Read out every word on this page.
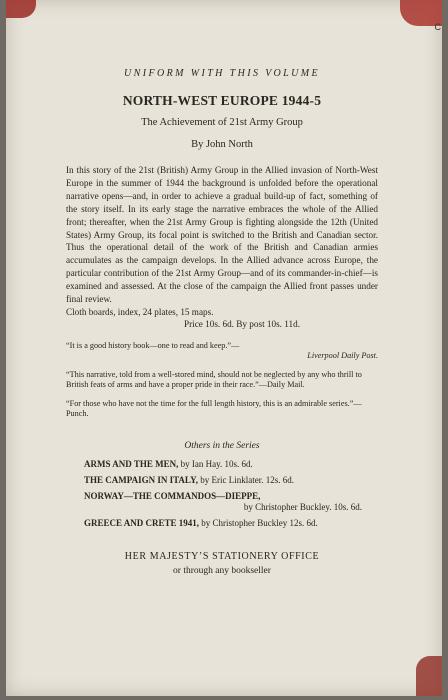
C

UNIFORM WITH THIS VOLUME

NORTH-WEST EUROPE 1944-5

The Achievement of 21st Army Group

By John North

In this story of the 21st (British) Army Group in the Allied invasion of North-West Europe in the summer of 1944 the background is unfolded before the operational narrative opens—and, in order to achieve a gradual build-up of fact, something of the story itself. In its early stage the narrative embraces the whole of the Allied front; thereafter, when the 21st Army Group is fighting alongside the 12th (United States) Army Group, its focal point is switched to the British and Canadian sector. Thus the operational detail of the work of the British and Canadian armies accumulates as the campaign develops. In the Allied advance across Europe, the particular contribution of the 21st Army Group—and of its commander-in-chief—is examined and assessed. At the close of the campaign the Allied front passes under final review.
Cloth boards, index, 24 plates, 15 maps.

Price 10s. 6d. By post 10s. 11d.

“It is a good history book—one to read and keep.”—

Liverpool Daily Post.

“This narrative, told from a well-stored mind, should not be neglected by any who thrill to British feats of arms and have a proper pride in their race.”—Daily Mail.

“For those who have not the time for the full length history, this is an admirable series.”—Punch.

Others in the Series

ARMS AND THE MEN, by Ian Hay. 10s. 6d.
THE CAMPAIGN IN ITALY, by Eric Linklater. 12s. 6d.
NORWAY—THE COMMANDOS—DIEPPE,
by Christopher Buckley. 10s. 6d.
GREECE AND CRETE 1941, by Christopher Buckley 12s. 6d.

HER MAJESTY’S STATIONERY OFFICE

or through any bookseller
